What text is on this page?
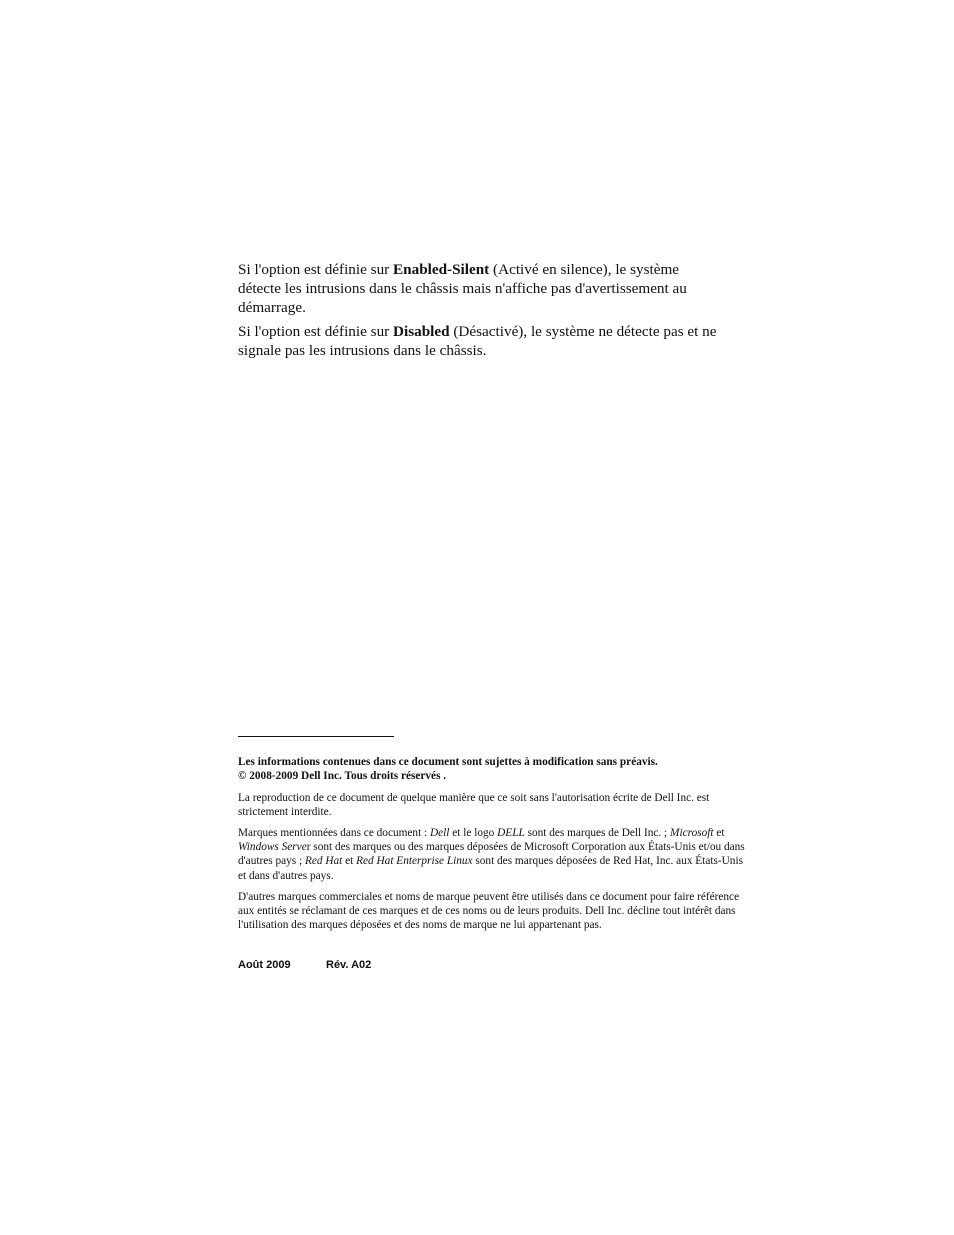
Si l'option est définie sur Enabled-Silent (Activé en silence), le système détecte les intrusions dans le châssis mais n'affiche pas d'avertissement au démarrage.

Si l'option est définie sur Disabled (Désactivé), le système ne détecte pas et ne signale pas les intrusions dans le châssis.

Les informations contenues dans ce document sont sujettes à modification sans préavis.

© 2008-2009 Dell Inc. Tous droits réservés .

La reproduction de ce document de quelque manière que ce soit sans l'autorisation écrite de Dell Inc. est strictement interdite.

Marques mentionnées dans ce document : Dell et le logo DELL sont des marques de Dell Inc. ; Microsoft et Windows Server sont des marques ou des marques déposées de Microsoft Corporation aux États-Unis et/ou dans d'autres pays ; Red Hat et Red Hat Enterprise Linux sont des marques déposées de Red Hat, Inc. aux États-Unis et dans d'autres pays.

D'autres marques commerciales et noms de marque peuvent être utilisés dans ce document pour faire référence aux entités se réclamant de ces marques et de ces noms ou de leurs produits. Dell Inc. décline tout intérêt dans l'utilisation des marques déposées et des noms de marque ne lui appartenant pas.

Août 2009	Rév. A02
